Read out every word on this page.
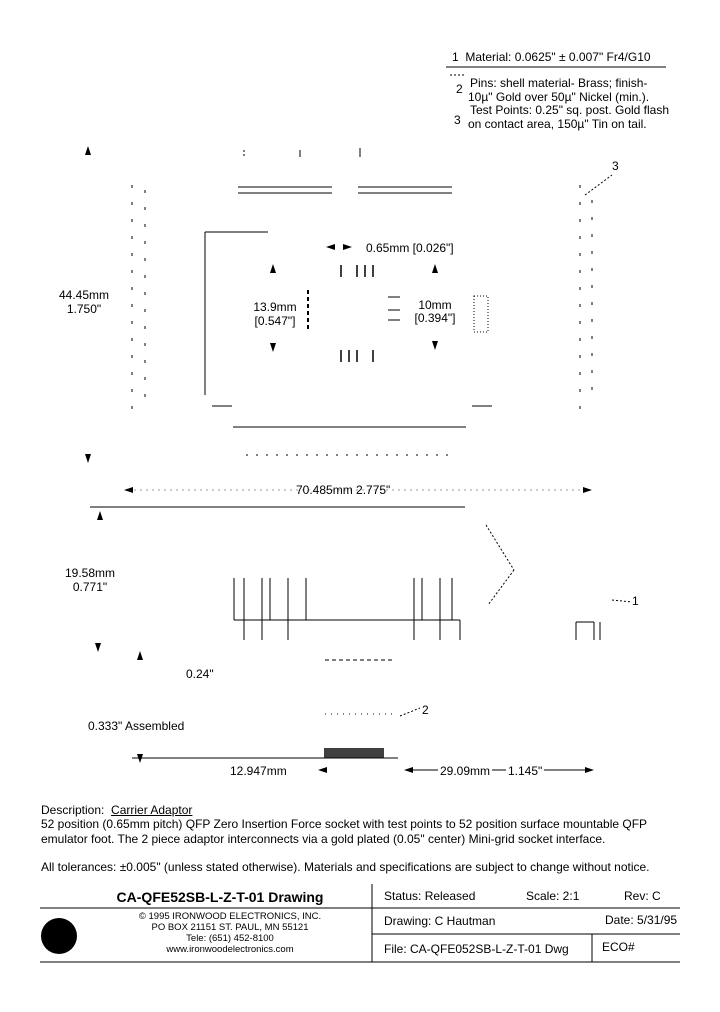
1 Material: 0.0625" ± 0.007" Fr4/G10
2 Pins: shell material- Brass; finish-
10µ" Gold over 50µ" Nickel (min.).
3
Test Points: 0.25" sq. post. Gold flash
on contact area, 150µ" Tin on tail.
0.65mm [0.026"]
13.9mm
[0.547"]
10mm
[0.394"]
44.45mm
1.750"
70.485mm 2.775"
19.58mm
0.771"
0.24"
0.333" Assembled
12.947mm	29.09mm 1.145"
1
2
3
Description: Carrier Adaptor
52 position (0.65mm pitch) QFP Zero Insertion Force socket with test points to 52 position surface mountable QFP
emulator foot. The 2 piece adaptor interconnects via a gold plated (0.05" center) Mini-grid socket interface.
All tolerances: ±0.005" (unless stated otherwise). Materials and specifications are subject to change without notice.
CA-QFE52SB-L-Z-T-01 Drawing	Status: Released	Scale: 2:1	Rev: C
© 1995 IRONWOOD ELECTRONICS, INC.
PO BOX 21151 ST. PAUL, MN 55121
Tele: (651) 452-8100
www.ironwoodelectronics.com
Drawing: C Hautman	Date: 5/31/95
File: CA-QFE052SB-L-Z-T-01 Dwg	ECO#
